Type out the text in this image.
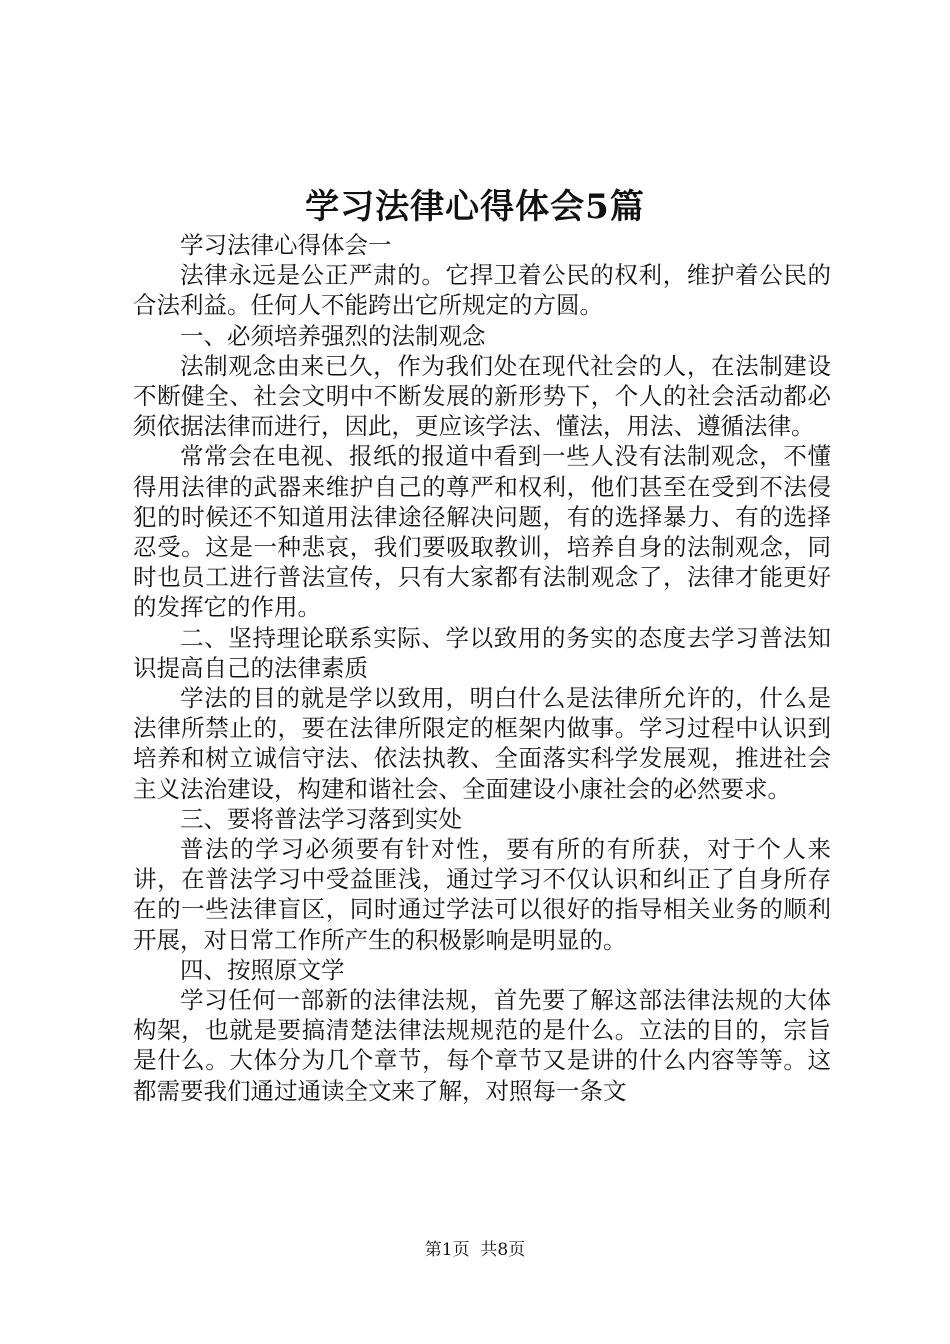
学习法律心得体会5篇

学习法律心得体会一

法律永远是公正严肃的。它捍卫着公民的权利，维护着公民的合法利益。任何人不能跨出它所规定的方圆。

一、必须培养强烈的法制观念

法制观念由来已久，作为我们处在现代社会的人，在法制建设不断健全、社会文明中不断发展的新形势下，个人的社会活动都必须依据法律而进行，因此，更应该学法、懂法，用法、遵循法律。

常常会在电视、报纸的报道中看到一些人没有法制观念，不懂得用法律的武器来维护自己的尊严和权利，他们甚至在受到不法侵犯的时候还不知道用法律途径解决问题，有的选择暴力、有的选择忍受。这是一种悲哀，我们要吸取教训，培养自身的法制观念，同时也员工进行普法宣传，只有大家都有法制观念了，法律才能更好的发挥它的作用。

二、坚持理论联系实际、学以致用的务实的态度去学习普法知识提高自己的法律素质

学法的目的就是学以致用，明白什么是法律所允许的，什么是法律所禁止的，要在法律所限定的框架内做事。学习过程中认识到培养和树立诚信守法、依法执教、全面落实科学发展观，推进社会主义法治建设，构建和谐社会、全面建设小康社会的必然要求。

三、要将普法学习落到实处

普法的学习必须要有针对性，要有所的有所获，对于个人来讲，在普法学习中受益匪浅，通过学习不仅认识和纠正了自身所存在的一些法律盲区，同时通过学法可以很好的指导相关业务的顺利开展，对日常工作所产生的积极影响是明显的。

四、按照原文学

学习任何一部新的法律法规，首先要了解这部法律法规的大体构架，也就是要搞清楚法律法规规范的是什么。立法的目的，宗旨是什么。大体分为几个章节，每个章节又是讲的什么内容等等。这都需要我们通过通读全文来了解，对照每一条文

第1页 共8页
